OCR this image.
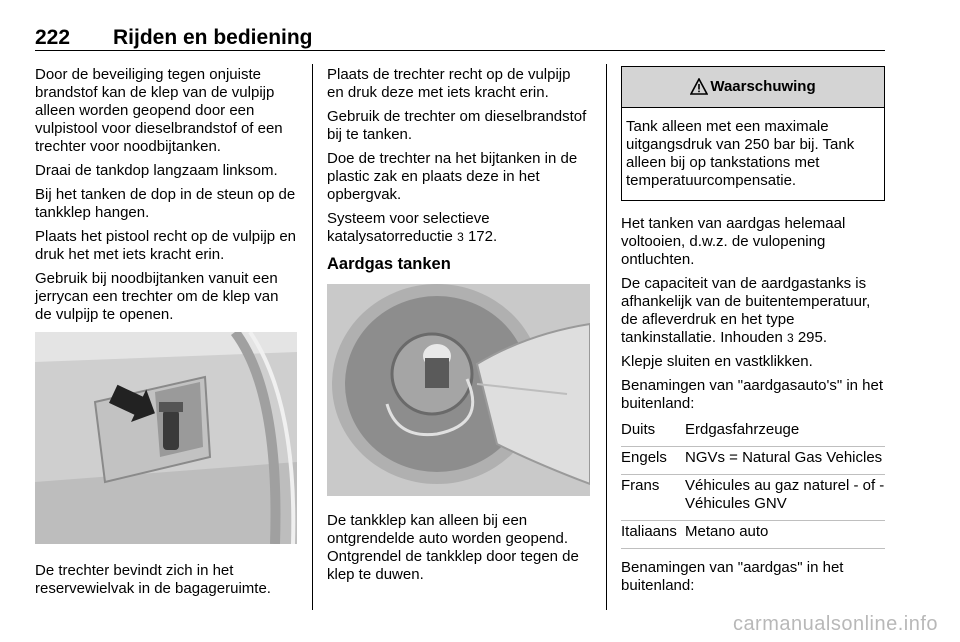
222 Rijden en bediening

Door de beveiliging tegen onjuiste brandstof kan de klep van de vulpijp alleen worden geopend door een vulpistool voor dieselbrandstof of een trechter voor noodbijtanken.

Draai de tankdop langzaam linksom.

Bij het tanken de dop in de steun op de tankklep hangen.

Plaats het pistool recht op de vulpijp en druk het met iets kracht erin.

Gebruik bij noodbijtanken vanuit een jerrycan een trechter om de klep van de vulpijp te openen.

De trechter bevindt zich in het reservewielvak in de bagageruimte.

Plaats de trechter recht op de vulpijp en druk deze met iets kracht erin.

Gebruik de trechter om dieselbrandstof bij te tanken.

Doe de trechter na het bijtanken in de plastic zak en plaats deze in het opbergvak.

Systeem voor selectieve katalysatorreductie 3 172.

Aardgas tanken

De tankklep kan alleen bij een ontgrendelde auto worden geopend. Ontgrendel de tankklep door tegen de klep te duwen.

Waarschuwing
Tank alleen met een maximale uitgangsdruk van 250 bar bij. Tank alleen bij op tankstations met temperatuurcompensatie.

Het tanken van aardgas helemaal voltooien, d.w.z. de vulopening ontluchten.

De capaciteit van de aardgastanks is afhankelijk van de buitentemperatuur, de afleverdruk en het type tankinstallatie. Inhouden 3 295.

Klepje sluiten en vastklikken.

Benamingen van "aardgasauto's" in het buitenland:

Duits	Erdgasfahrzeuge
Engels	NGVs = Natural Gas Vehicles
Frans	Véhicules au gaz naturel - of - Véhicules GNV
Italiaans	Metano auto

Benamingen van "aardgas" in het buitenland:

carmanualsonline.info
